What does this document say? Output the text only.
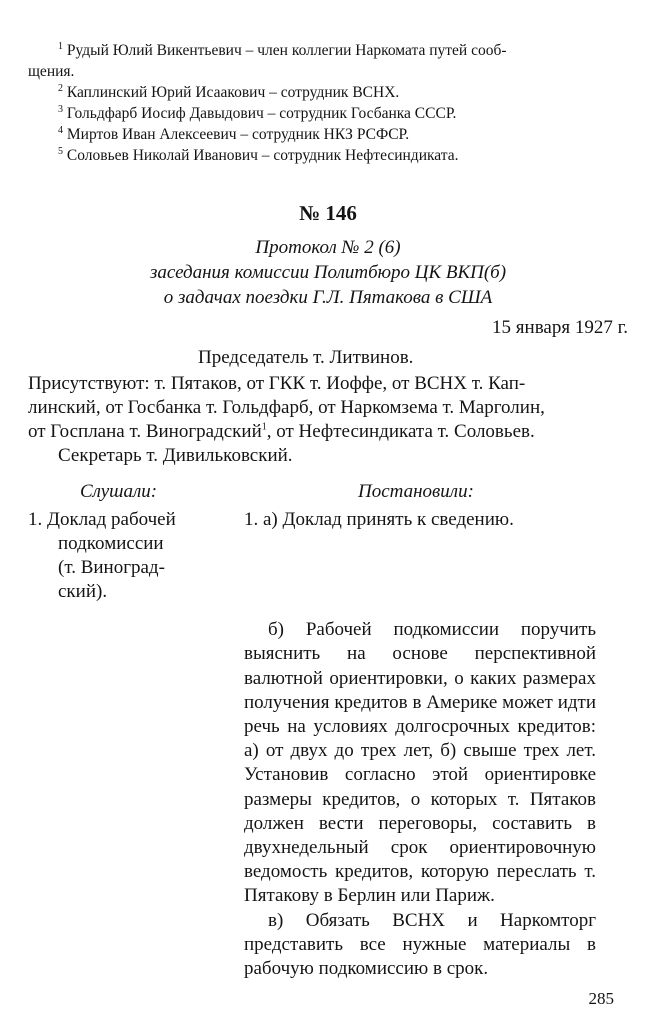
$^1$ Рудый Юлий Викентьевич – член коллегии Наркомата путей сооб-

щения.

$^2$ Каплинский Юрий Исаакович – сотрудник ВСНХ.

$^3$ Гольдфарб Иосиф Давыдович – сотрудник Госбанка СССР.

$^4$ Миртов Иван Алексеевич – сотрудник НКЗ РСФСР.

$^5$ Соловьев Николай Иванович – сотрудник Нефтесиндиката.

№ 146
Протокол № 2 (6)
заседания комиссии Политбюро ЦК ВКП(б)
о задачах поездки Г.Л. Пятакова в США
15 января 1927 г.
Председатель т. Литвинов.
Присутствуют: т. Пятаков, от ГКК т. Иоффе, от ВСНХ т. Кап-
линский, от Госбанка т. Гольдфарб, от Наркомзема т. Марголин,
от Госплана т. Виноградский$^1$, от Нефтесиндиката т. Соловьев.
Секретарь т. Дивильковский.
Слушали:	Постановили:
1. Доклад рабочей
подкомиссии
(т. Виноград-
ский).

1. а) Доклад принять к сведению.

б) Рабочей подкомиссии поручить выяснить на основе перспективной валютной ориентировки, о каких размерах получения кредитов в Америке может идти речь на условиях долгосрочных кредитов: а) от двух до трех лет, б) свыше трех лет. Установив согласно этой ориентировке размеры кредитов, о которых т. Пятаков должен вести переговоры, составить в двухнедельный срок ориентировочную ведомость кредитов, которую переслать т. Пятакову в Берлин или Париж.

в) Обязать ВСНХ и Наркомторг представить все нужные материалы в рабочую подкомиссию в срок.

285
